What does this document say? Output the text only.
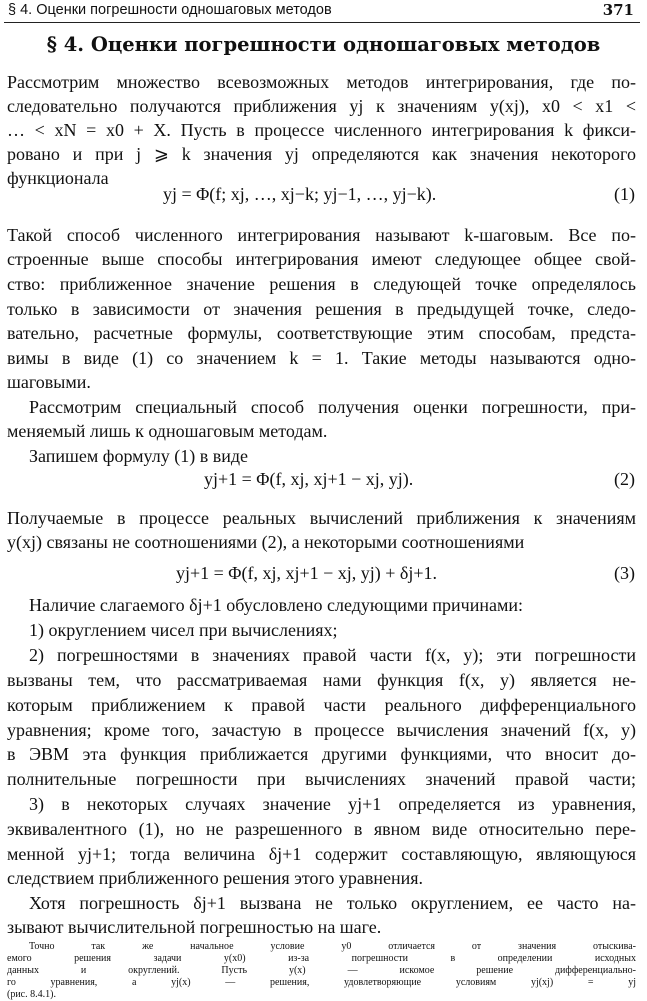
§ 4. Оценки погрешности одношаговых методов	371
§ 4. Оценки погрешности одношаговых методов
Рассмотрим множество всевозможных методов интегрирования, где по-
следовательно получаются приближения yj к значениям y(xj), x0 < x1 <
… < xN = x0 + X. Пусть в процессе численного интегрирования k фикси-
ровано и при j ⩾ k значения yj определяются как значения некоторого
функционала
yj = Φ(f; xj, …, xj−k; yj−1, …, yj−k).	(1)
Такой способ численного интегрирования называют k-шаговым. Все по-
строенные выше способы интегрирования имеют следующее общее свой-
ство: приближенное значение решения в следующей точке определялось
только в зависимости от значения решения в предыдущей точке, следо-
вательно, расчетные формулы, соответствующие этим способам, предста-
вимы в виде (1) со значением k = 1. Такие методы называются одно-
шаговыми.
Рассмотрим специальный способ получения оценки погрешности, при-
меняемый лишь к одношаговым методам.
Запишем формулу (1) в виде
yj+1 = Φ(f, xj, xj+1 − xj, yj).	(2)
Получаемые в процессе реальных вычислений приближения к значениям
y(xj) связаны не соотношениями (2), а некоторыми соотношениями
yj+1 = Φ(f, xj, xj+1 − xj, yj) + δj+1.	(3)
Наличие слагаемого δj+1 обусловлено следующими причинами:
1) округлением чисел при вычислениях;
2) погрешностями в значениях правой части f(x, y); эти погрешности
вызваны тем, что рассматриваемая нами функция f(x, y) является не-
которым приближением к правой части реального дифференциального
уравнения; кроме того, зачастую в процессе вычисления значений f(x, y)
в ЭВМ эта функция приближается другими функциями, что вносит до-
полнительные погрешности при вычислениях значений правой части;
3) в некоторых случаях значение yj+1 определяется из уравнения,
эквивалентного (1), но не разрешенного в явном виде относительно пере-
менной yj+1; тогда величина δj+1 содержит составляющую, являющуюся
следствием приближенного решения этого уравнения.
Хотя погрешность δj+1 вызвана не только округлением, ее часто на-
зывают вычислительной погрешностью на шаге.
Точно так же начальное условие y0 отличается от значения отыскива-
емого решения задачи y(x0) из-за погрешности в определении исходных
данных и округлений. Пусть y(x) — искомое решение дифференциально-
го уравнения, а yj(x) — решения, удовлетворяющие условиям yj(xj) = yj
(рис. 8.4.1).
